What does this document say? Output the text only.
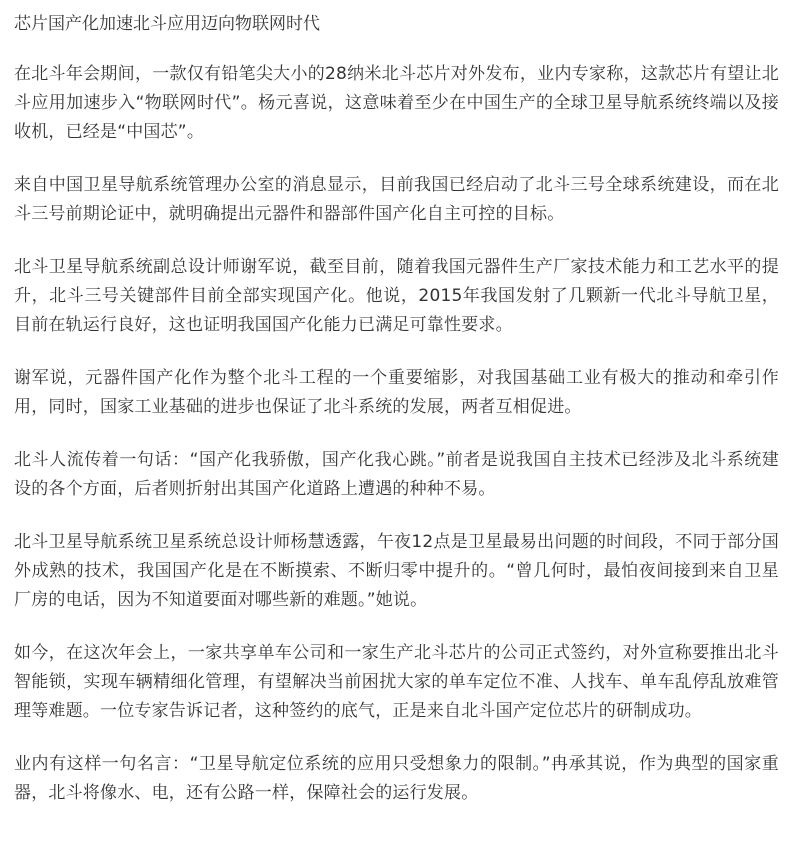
芯片国产化加速北斗应用迈向物联网时代

在北斗年会期间，一款仅有铅笔尖大小的28纳米北斗芯片对外发布，业内专家称，这款芯片有望让北斗应用加速步入“物联网时代”。杨元喜说，这意味着至少在中国生产的全球卫星导航系统终端以及接收机，已经是“中国芯”。

来自中国卫星导航系统管理办公室的消息显示，目前我国已经启动了北斗三号全球系统建设，而在北斗三号前期论证中，就明确提出元器件和器部件国产化自主可控的目标。

北斗卫星导航系统副总设计师谢军说，截至目前，随着我国元器件生产厂家技术能力和工艺水平的提升，北斗三号关键部件目前全部实现国产化。他说，2015年我国发射了几颗新一代北斗导航卫星，目前在轨运行良好，这也证明我国国产化能力已满足可靠性要求。

谢军说，元器件国产化作为整个北斗工程的一个重要缩影，对我国基础工业有极大的推动和牵引作用，同时，国家工业基础的进步也保证了北斗系统的发展，两者互相促进。

北斗人流传着一句话：“国产化我骄傲，国产化我心跳。”前者是说我国自主技术已经涉及北斗系统建设的各个方面，后者则折射出其国产化道路上遭遇的种种不易。

北斗卫星导航系统卫星系统总设计师杨慧透露，午夜12点是卫星最易出问题的时间段，不同于部分国外成熟的技术，我国国产化是在不断摸索、不断归零中提升的。“曾几何时，最怕夜间接到来自卫星厂房的电话，因为不知道要面对哪些新的难题。”她说。

如今，在这次年会上，一家共享单车公司和一家生产北斗芯片的公司正式签约，对外宣称要推出北斗智能锁，实现车辆精细化管理，有望解决当前困扰大家的单车定位不准、人找车、单车乱停乱放难管理等难题。一位专家告诉记者，这种签约的底气，正是来自北斗国产定位芯片的研制成功。

业内有这样一句名言：“卫星导航定位系统的应用只受想象力的限制。”冉承其说，作为典型的国家重器，北斗将像水、电，还有公路一样，保障社会的运行发展。
